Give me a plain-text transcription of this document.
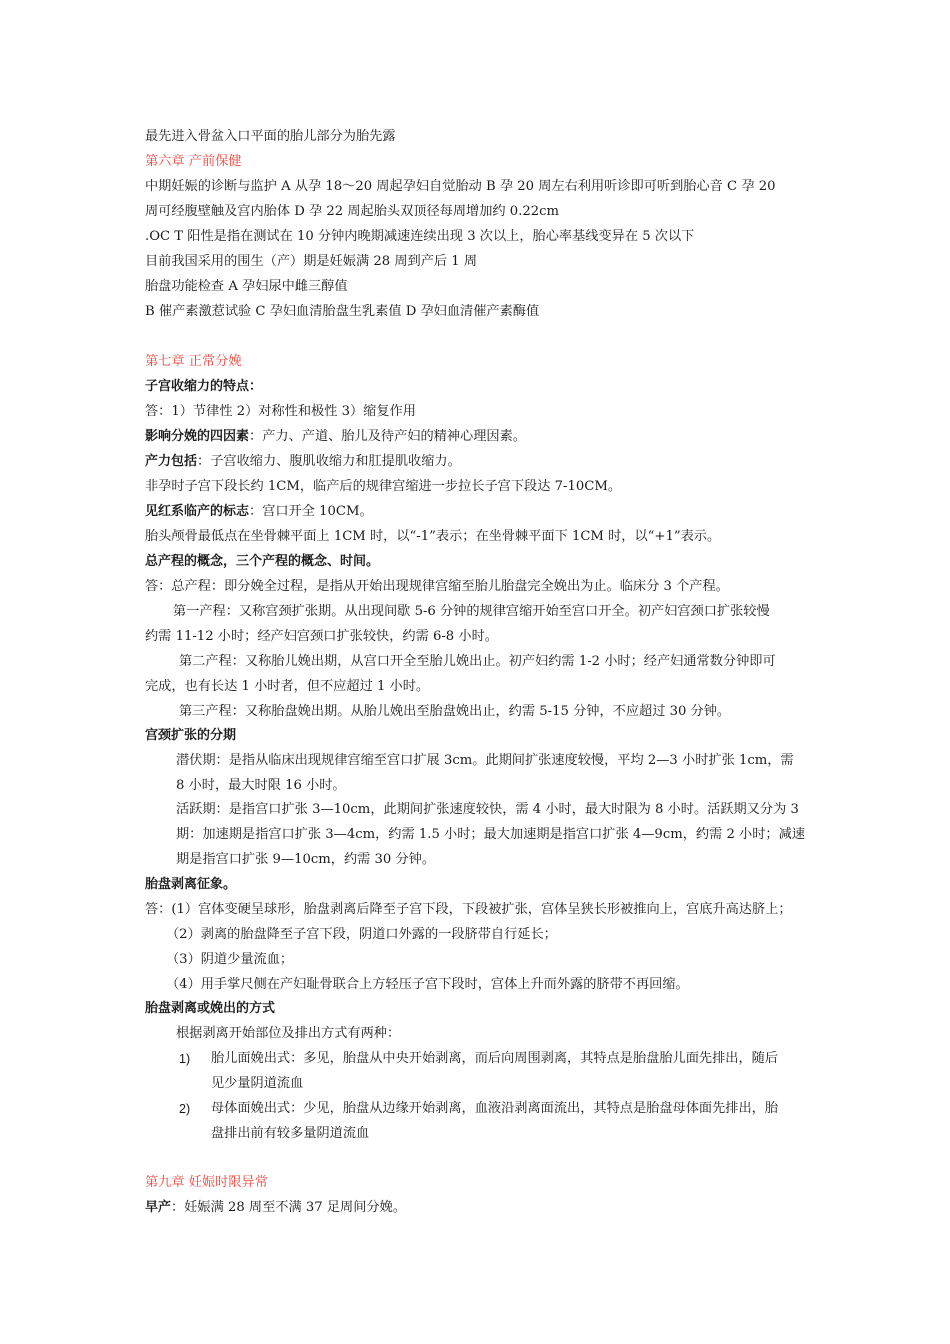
最先进入骨盆入口平面的胎儿部分为胎先露
第六章 产前保健
中期妊娠的诊断与监护 A 从孕 18～20 周起孕妇自觉胎动 B 孕 20 周左右利用听诊即可听到胎心音 C 孕 20
周可经腹壁触及宫内胎体 D 孕 22 周起胎头双顶径每周增加约 0.22cm
.OC T 阳性是指在测试在 10 分钟内晚期减速连续出现 3 次以上，胎心率基线变异在 5 次以下
目前我国采用的围生（产）期是妊娠满 28 周到产后 1 周
胎盘功能检查 A 孕妇尿中雌三醇值
B 催产素激惹试验 C 孕妇血清胎盘生乳素值 D 孕妇血清催产素酶值
第七章 正常分娩
子宫收缩力的特点：
答：1）节律性 2）对称性和极性 3）缩复作用
影响分娩的四因素：产力、产道、胎儿及待产妇的精神心理因素。
产力包括：子宫收缩力、腹肌收缩力和肛提肌收缩力。
非孕时子宫下段长约 1CM，临产后的规律宫缩进一步拉长子宫下段达 7-10CM。
见红系临产的标志：宫口开全 10CM。
胎头颅骨最低点在坐骨棘平面上 1CM 时，以“-1”表示；在坐骨棘平面下 1CM 时，以“+1”表示。
总产程的概念，三个产程的概念、时间。
答：总产程：即分娩全过程，是指从开始出现规律宫缩至胎儿胎盘完全娩出为止。临床分 3 个产程。
第一产程：又称宫颈扩张期。从出现间歇 5-6 分钟的规律宫缩开始至宫口开全。初产妇宫颈口扩张较慢
约需 11-12 小时；经产妇宫颈口扩张较快，约需 6-8 小时。
第二产程：又称胎儿娩出期，从宫口开全至胎儿娩出止。初产妇约需 1-2 小时；经产妇通常数分钟即可
完成，也有长达 1 小时者，但不应超过 1 小时。
第三产程：又称胎盘娩出期。从胎儿娩出至胎盘娩出止，约需 5-15 分钟，不应超过 30 分钟。
宫颈扩张的分期
潜伏期：是指从临床出现规律宫缩至宫口扩展 3cm。此期间扩张速度较慢，平均 2—3 小时扩张 1cm，需
8 小时，最大时限 16 小时。
活跃期：是指宫口扩张 3—10cm，此期间扩张速度较快，需 4 小时，最大时限为 8 小时。活跃期又分为 3
期：加速期是指宫口扩张 3—4cm，约需 1.5 小时；最大加速期是指宫口扩张 4—9cm，约需 2 小时；减速
期是指宫口扩张 9—10cm，约需 30 分钟。
胎盘剥离征象。
答：(1）宫体变硬呈球形，胎盘剥离后降至子宫下段，下段被扩张，宫体呈狭长形被推向上，宫底升高达脐上；
（2）剥离的胎盘降至子宫下段，阴道口外露的一段脐带自行延长；
（3）阴道少量流血；
（4）用手掌尺侧在产妇耻骨联合上方轻压子宫下段时，宫体上升而外露的脐带不再回缩。
胎盘剥离或娩出的方式
根据剥离开始部位及排出方式有两种：
1) 胎儿面娩出式：多见，胎盘从中央开始剥离，而后向周围剥离，其特点是胎盘胎儿面先排出，随后
见少量阴道流血
2) 母体面娩出式：少见，胎盘从边缘开始剥离，血液沿剥离面流出，其特点是胎盘母体面先排出，胎
盘排出前有较多量阴道流血
第九章 妊娠时限异常
早产：妊娠满 28 周至不满 37 足周间分娩。
